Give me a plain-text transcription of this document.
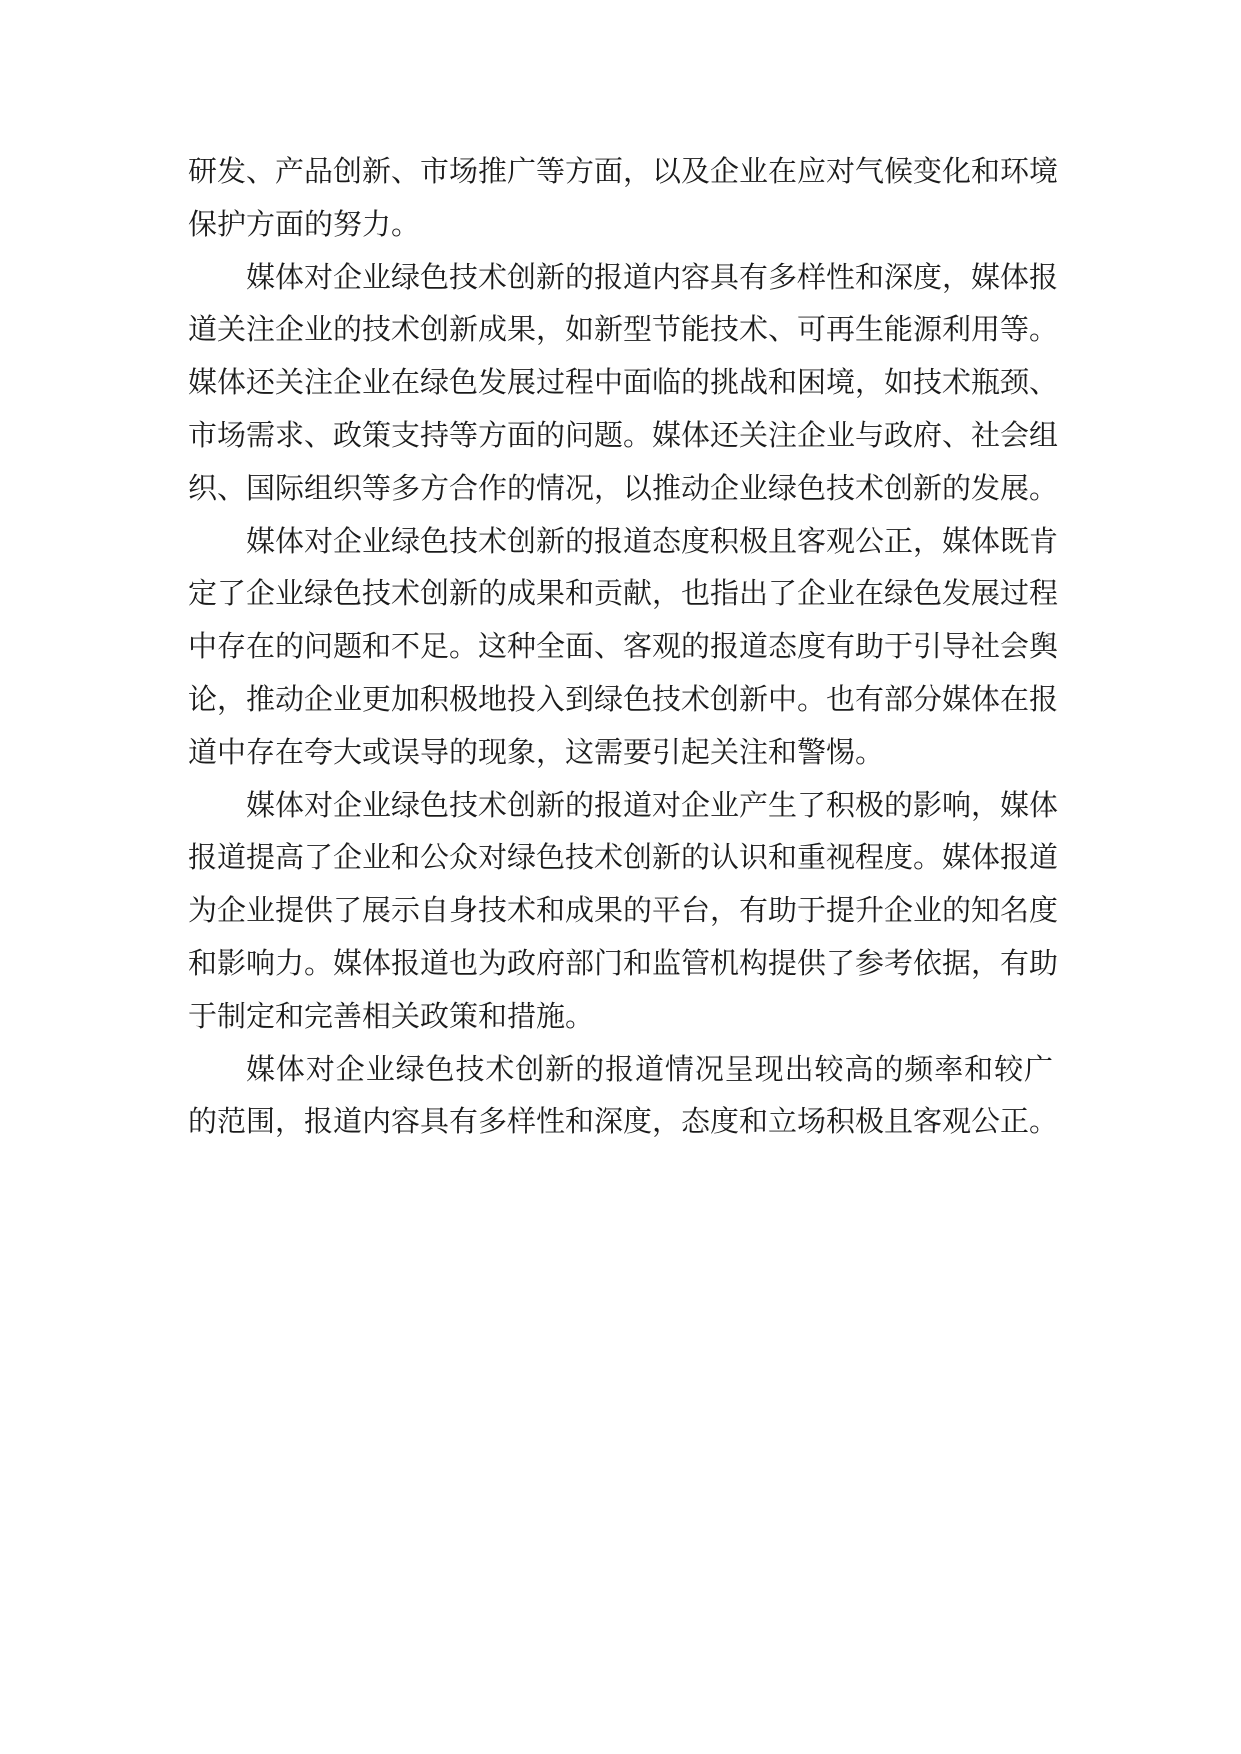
研发、产品创新、市场推广等方面，以及企业在应对气候变化和环境
保护方面的努力。
媒体对企业绿色技术创新的报道内容具有多样性和深度，媒体报
道关注企业的技术创新成果，如新型节能技术、可再生能源利用等。
媒体还关注企业在绿色发展过程中面临的挑战和困境，如技术瓶颈、
市场需求、政策支持等方面的问题。媒体还关注企业与政府、社会组
织、国际组织等多方合作的情况，以推动企业绿色技术创新的发展。
媒体对企业绿色技术创新的报道态度积极且客观公正，媒体既肯
定了企业绿色技术创新的成果和贡献，也指出了企业在绿色发展过程
中存在的问题和不足。这种全面、客观的报道态度有助于引导社会舆
论，推动企业更加积极地投入到绿色技术创新中。也有部分媒体在报
道中存在夸大或误导的现象，这需要引起关注和警惕。
媒体对企业绿色技术创新的报道对企业产生了积极的影响，媒体
报道提高了企业和公众对绿色技术创新的认识和重视程度。媒体报道
为企业提供了展示自身技术和成果的平台，有助于提升企业的知名度
和影响力。媒体报道也为政府部门和监管机构提供了参考依据，有助
于制定和完善相关政策和措施。
媒体对企业绿色技术创新的报道情况呈现出较高的频率和较广
的范围，报道内容具有多样性和深度，态度和立场积极且客观公正。
